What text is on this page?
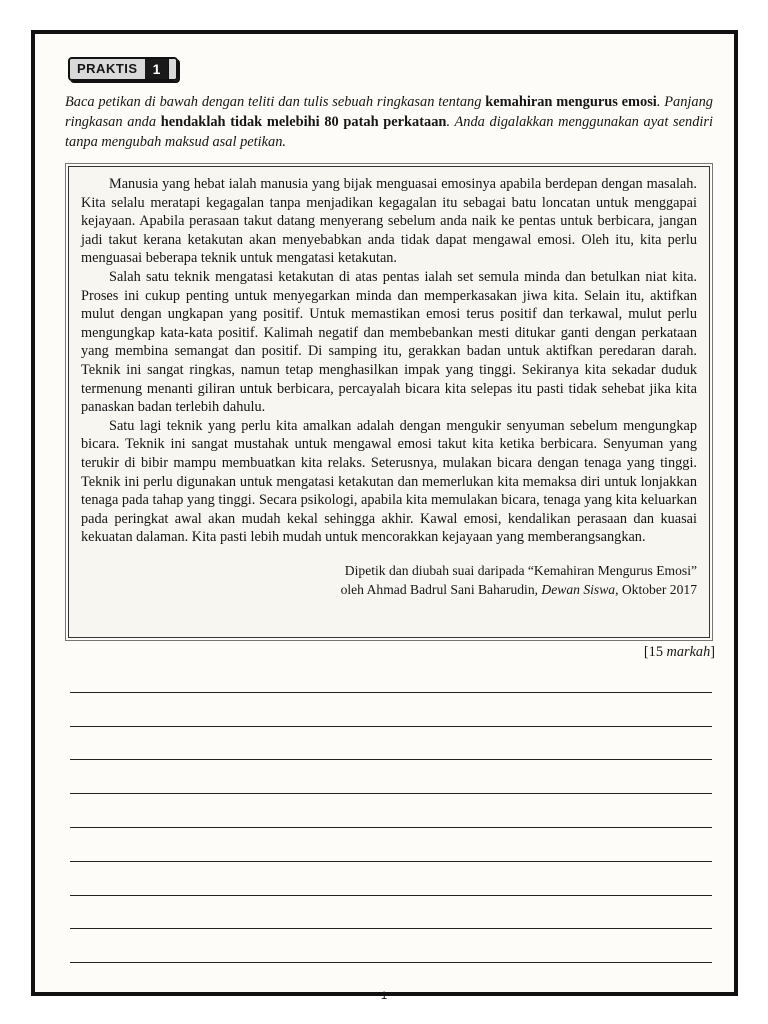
PRAKTIS	1
Baca petikan di bawah dengan teliti dan tulis sebuah ringkasan tentang kemahiran mengurus emosi. Panjang ringkasan anda hendaklah tidak melebihi 80 patah perkataan. Anda digalakkan menggunakan ayat sendiri tanpa mengubah maksud asal petikan.

Manusia yang hebat ialah manusia yang bijak menguasai emosinya apabila berdepan dengan masalah. Kita selalu meratapi kegagalan tanpa menjadikan kegagalan itu sebagai batu loncatan untuk menggapai kejayaan. Apabila perasaan takut datang menyerang sebelum anda naik ke pentas untuk berbicara, jangan jadi takut kerana ketakutan akan menyebabkan anda tidak dapat mengawal emosi. Oleh itu, kita perlu menguasai beberapa teknik untuk mengatasi ketakutan.

Salah satu teknik mengatasi ketakutan di atas pentas ialah set semula minda dan betulkan niat kita. Proses ini cukup penting untuk menyegarkan minda dan memperkasakan jiwa kita. Selain itu, aktifkan mulut dengan ungkapan yang positif. Untuk memastikan emosi terus positif dan terkawal, mulut perlu mengungkap kata-kata positif. Kalimah negatif dan membebankan mesti ditukar ganti dengan perkataan yang membina semangat dan positif. Di samping itu, gerakkan badan untuk aktifkan peredaran darah. Teknik ini sangat ringkas, namun tetap menghasilkan impak yang tinggi. Sekiranya kita sekadar duduk termenung menanti giliran untuk berbicara, percayalah bicara kita selepas itu pasti tidak sehebat jika kita panaskan badan terlebih dahulu.

Satu lagi teknik yang perlu kita amalkan adalah dengan mengukir senyuman sebelum mengungkap bicara. Teknik ini sangat mustahak untuk mengawal emosi takut kita ketika berbicara. Senyuman yang terukir di bibir mampu membuatkan kita relaks. Seterusnya, mulakan bicara dengan tenaga yang tinggi. Teknik ini perlu digunakan untuk mengatasi ketakutan dan memerlukan kita memaksa diri untuk lonjakkan tenaga pada tahap yang tinggi. Secara psikologi, apabila kita memulakan bicara, tenaga yang kita keluarkan pada peringkat awal akan mudah kekal sehingga akhir. Kawal emosi, kendalikan perasaan dan kuasai kekuatan dalaman. Kita pasti lebih mudah untuk mencorakkan kejayaan yang memberangsangkan.

Dipetik dan diubah suai daripada “Kemahiran Mengurus Emosi”
oleh Ahmad Badrul Sani Baharudin, Dewan Siswa, Oktober 2017
[15 markah]
1
